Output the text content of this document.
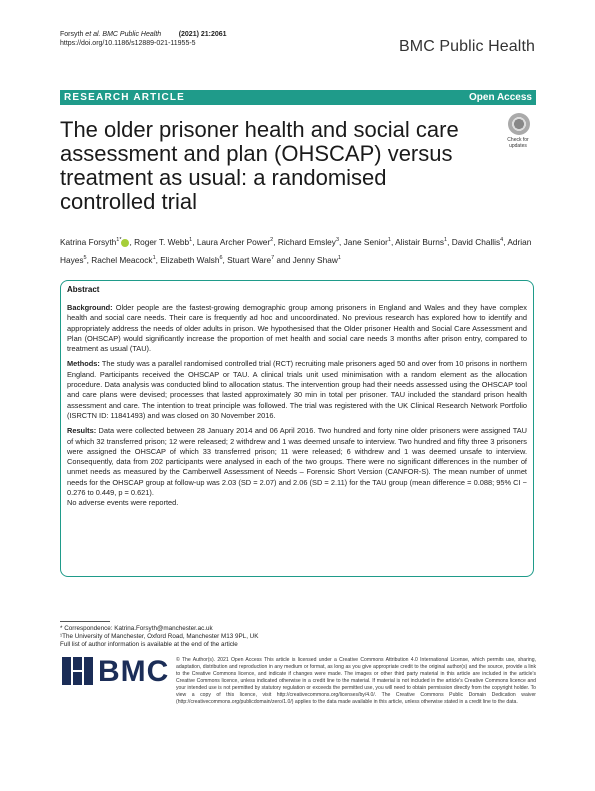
Forsyth et al. BMC Public Health	(2021) 21:2061
https://doi.org/10.1186/s12889-021-11955-5	BMC Public Health
RESEARCH ARTICLE	Open Access
The older prisoner health and social care assessment and plan (OHSCAP) versus treatment as usual: a randomised controlled trial
Check for
updates
Katrina Forsyth$^{1*}$ , Roger T. Webb$^1$, Laura Archer Power$^2$, Richard Emsley$^3$, Jane Senior$^1$, Alistair Burns$^1$, David Challis$^4$, Adrian Hayes$^5$, Rachel Meacock$^1$, Elizabeth Walsh$^6$, Stuart Ware$^7$ and Jenny Shaw$^1$
Abstract

Background: Older people are the fastest-growing demographic group among prisoners in England and Wales and they have complex health and social care needs. Their care is frequently ad hoc and uncoordinated. No previous research has explored how to identify and appropriately address the needs of older adults in prison. We hypothesised that the Older prisoner Health and Social Care Assessment and Plan (OHSCAP) would significantly increase the proportion of met health and social care needs 3 months after prison entry, compared to treatment as usual (TAU).

Methods: The study was a parallel randomised controlled trial (RCT) recruiting male prisoners aged 50 and over from 10 prisons in northern England. Participants received the OHSCAP or TAU. A clinical trials unit used minimisation with a random element as the allocation procedure. Data analysis was conducted blind to allocation status. The intervention group had their needs assessed using the OHSCAP tool and care plans were devised; processes that lasted approximately 30 min in total per prisoner. TAU included the standard prison health assessment and care. The intention to treat principle was followed. The trial was registered with the UK Clinical Research Network Portfolio (ISRCTN ID: 11841493) and was closed on 30 November 2016.

Results: Data were collected between 28 January 2014 and 06 April 2016. Two hundred and forty nine older prisoners were assigned TAU of which 32 transferred prison; 12 were released; 2 withdrew and 1 was deemed unsafe to interview. Two hundred and fifty three 3 prisoners were assigned the OHSCAP of which 33 transferred prison; 11 were released; 6 withdrew and 1 was deemed unsafe to interview. Consequently, data from 202 participants were analysed in each of the two groups. There were no significant differences in the number of unmet needs as measured by the Camberwell Assessment of Needs – Forensic Short Version (CANFOR-S). The mean number of unmet needs for the OHSCAP group at follow-up was 2.03 (SD = 2.07) and 2.06 (SD = 2.11) for the TAU group (mean difference = 0.088; 95% CI − 0.276 to 0.449, p = 0.621).

No adverse events were reported.

* Correspondence: Katrina.Forsyth@manchester.ac.uk
¹The University of Manchester, Oxford Road, Manchester M13 9PL, UK
Full list of author information is available at the end of the article
BMC © The Author(s). 2021 Open Access This article is licensed under a Creative Commons Attribution 4.0 International License, which permits use, sharing, adaptation, distribution and reproduction in any medium or format, as long as you give appropriate credit to the original author(s) and the source, provide a link to the Creative Commons licence, and indicate if changes were made. The images or other third party material in this article are included in the article's Creative Commons licence, unless indicated otherwise in a credit line to the material. If material is not included in the article's Creative Commons licence and your intended use is not permitted by statutory regulation or exceeds the permitted use, you will need to obtain permission directly from the copyright holder. To view a copy of this licence, visit http://creativecommons.org/licenses/by/4.0/. The Creative Commons Public Domain Dedication waiver (http://creativecommons.org/publicdomain/zero/1.0/) applies to the data made available in this article, unless otherwise stated in a credit line to the data.
